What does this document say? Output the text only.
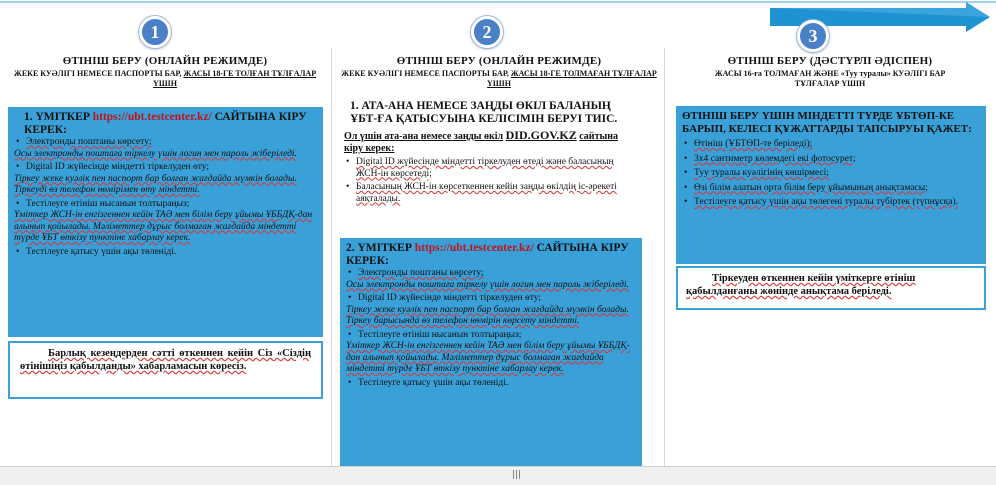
1
ӨТІНІШ БЕРУ (ОНЛАЙН РЕЖИМДЕ)
ЖЕКЕ КУӘЛІГІ НЕМЕСЕ ПАСПОРТЫ БАР, ЖАСЫ 18-ГЕ ТОЛҒАН ТҰЛҒАЛАР ҮШІН
1. ҮМІТКЕР https://ubt.testcenter.kz/ САЙТЫНА КІРУ КЕРЕК:
• Электронды поштаны көрсету;
Осы электронды поштаға тіркелу үшін логин мен пароль жіберіледі.
• Digital ID жүйесінде міндетті тіркелуден өту;
Тіркеу жеке куәлік пен паспорт бар болған жағдайда мүмкін болады. Тіркеуді өз телефон нөмірімен өту міндетті.
• Тестілеуге өтініш нысанын толтыраңыз;
Үміткер ЖСН-ін енгізгеннен кейін ТАӘ мен білім беру ұйымы ҰББДҚ-дан алынып қойылады. Мәліметтер дұрыс болмаған жағдайда міндетті түрде ҰБТ өткізу пунктіне хабарлау керек.
• Тестілеуге қатысу үшін ақы төленіді.
Барлық кезеңдерден сәтті өткеннен кейін Сіз «Сіздің өтінішіңіз қабылданды» хабарламасын көресіз.
2
ӨТІНІШ БЕРУ (ОНЛАЙН РЕЖИМДЕ)
ЖЕКЕ КУӘЛІГІ НЕМЕСЕ ПАСПОРТЫ БАР, ЖАСЫ 18-ГЕ ТОЛМАҒАН ТҰЛҒАЛАР ҮШІН
1. АТА-АНА НЕМЕСЕ ЗАҢДЫ ӨКІЛ БАЛАНЫҢ ҰБТ-ҒА ҚАТЫСУЫНА КЕЛІСІМІН БЕРУІ ТИІС.
Ол үшін ата-ана немесе заңды өкіл DID.GOV.KZ сайтына кіру керек:
• Digital ID жүйесінде міндетті тіркелуден өтеді және баласының ЖСН-ін көрсетеді;
• Баласының ЖСН-ін көрсеткеннен кейін заңды өкілдің іс-әрекеті аяқталады.
2. ҮМІТКЕР https://ubt.testcenter.kz/ САЙТЫНА КІРУ КЕРЕК:
• Электронды поштаны көрсету;
Осы электронды поштаға тіркелу үшін логин мен пароль жіберіледі.
• Digital ID жүйесінде міндетті тіркелуден өту;
Тіркеу жеке куәлік пен паспорт бар болған жағдайда мүмкін болады. Тіркеу барысында өз телефон нөмірін көрсету міндетті.
• Тестілеуге өтініш нысанын толтыраңыз;
Үміткер ЖСН-ін енгізгеннен кейін ТАӘ мен білім беру ұйымы ҰББДҚ-дан алынып қойылады. Мәліметтер дұрыс болмаған жағдайда міндетті түрде ҰБТ өткізу пунктіне хабарлау керек.
• Тестілеуге қатысу үшін ақы төленіді.
3
ӨТІНІШ БЕРУ (ДӘСТҮРЛІ ӘДІСПЕН)
ЖАСЫ 16-ға ТОЛМАҒАН ЖӘНЕ «Туу туралы» КУӘЛІГІ БАР
ТҰЛҒАЛАР ҮШІН
ӨТІНІШ БЕРУ ҮШІН МІНДЕТТІ ТҮРДЕ ҰБТӨП-КЕ БАРЫП, КЕЛЕСІ ҚҰЖАТТАРДЫ ТАПСЫРУЫ ҚАЖЕТ:
• Өтініш (ҰБТӨП-те беріледі);
• 3х4 сантиметр көлемдегі екі фотосурет;
• Туу туралы куәлігінің көшірмесі;
• Өзі білім алатын орта білім беру ұйымының анықтамасы;
• Тестілеуге қатысу үшін ақы төлегені туралы түбіртек (түпнұсқа).
Тіркеуден өткеннен кейін үміткерге өтініш қабылданғаны жөнінде анықтама беріледі.
|||
